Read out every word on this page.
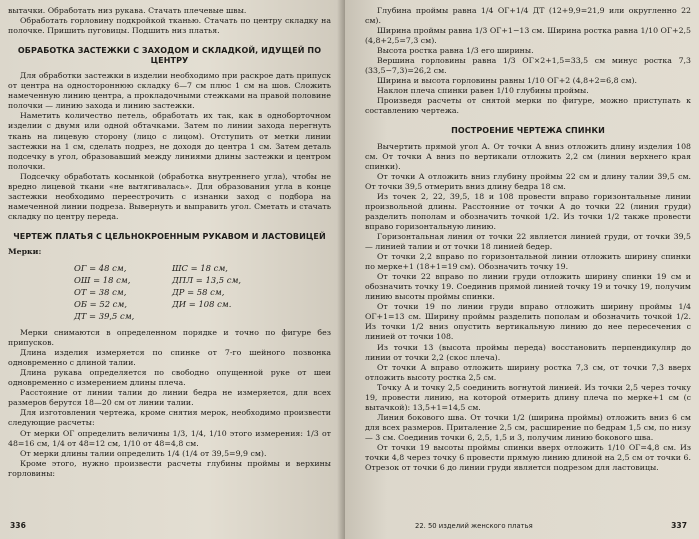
вытачки. Обработать низ рукава. Стачать плечевые швы.

Обработать горловину подкройкой тканью. Стачать по центру складку на полочке. Пришить пуговицы. Подшить низ платья.

ОБРАБОТКА ЗАСТЕЖКИ С ЗАХОДОМ И СКЛАДКОЙ, ИДУЩЕЙ ПО ЦЕНТРУ

Для обработки застежки в изделии необходимо при раскрое дать припуск от центра на одностороннюю складку 6—7 см плюс 1 см на шов. Сложить намеченную линию центра, а прокладочными стежками на правой половине полочки — линию захода и линию застежки.

Наметить количество петель, обработать их так, как в одноборточном изделии с двумя или одной обтачками. Затем по линии захода перегнуть ткань на лицевую сторону (лицо с лицом). Отступить от метки линии застежки на 1 см, сделать подрез, не доходя до центра 1 см. Затем деталь подсечку в угол, образовавший между линиями длины застежки и центром полочки.

Подсечку обработать косынкой (обработка внутреннего угла), чтобы не вредно лицевой ткани «не вытягивалась». Для образования угла в конце застежки необходимо переестрочить с изнанки заход с подбора на намеченной линии подреза. Вывернуть и выправить угол. Сметать и стачать складку по центру переда.

ЧЕРТЕЖ ПЛАТЬЯ С ЦЕЛЬНОКРОЕННЫМ РУКАВОМ И ЛАСТОВИЦЕЙ
Мерки:
ОГ = 48 см,	ШС = 18 см,
ОШ = 18 см,	ДПЛ = 13,5 см,
ОТ = 38 см,	ДР = 58 см,
ОБ = 52 см,	ДИ = 108 см.
ДТ = 39,5 см,

Мерки снимаются в определенном порядке и точно по фигуре без припусков.

Длина изделия измеряется по спинке от 7-го шейного позвонка одновременно с длиной талии.

Длина рукава определяется по свободно опущенной руке от шеи одновременно с измерением длины плеча.

Расстояние от линии талии до линии бедра не измеряется, для всех размеров берутся 18—20 см от линии талии.

Для изготовления чертежа, кроме снятия мерок, необходимо произвести следующие расчеты:

От мерки ОГ определить величины 1/3, 1/4, 1/10 этого измерения: 1/3 от 48=16 см, 1/4 от 48=12 см, 1/10 от 48=4,8 см.

От мерки длины талии определить 1/4 (1/4 от 39,5=9,9 см).

Кроме этого, нужно произвести расчеты глубины проймы и верхины горловины:

336

Глубина проймы равна 1/4 ОГ+1/4 ДТ (12+9,9=21,9 или округленно 22 см).

Ширина проймы равна 1/3 ОГ+1−13 см. Ширина ростка равна 1/10 ОГ+2,5 (4,8+2,5=7,3 см).

Высота ростка равна 1/3 его ширины.

Вершина горловины равна 1/3 ОГ×2+1,5=33,5 см минус ростка 7,3 (33,5−7,3)=26,2 см.

Ширина и высота горловины равны 1/10 ОГ+2 (4,8+2=6,8 см).

Наклон плеча спинки равен 1/10 глубины проймы.

Произведя расчеты от снятой мерки по фигуре, можно приступать к составлению чертежа.

ПОСТРОЕНИЕ ЧЕРТЕЖА СПИНКИ

Вычертить прямой угол А. От точки А вниз отложить длину изделия 108 см. От точки А вниз по вертикали отложить 2,2 см (линия верхнего края спинки).

От точки А отложить вниз глубину проймы 22 см и длину талии 39,5 см. От точки 39,5 отмерить вниз длину бедра 18 см.

Из точек 2, 22, 39,5, 18 и 108 провести вправо горизонтальные линии произвольной длины. Расстояние от точки А до точки 22 (линия груди) разделить пополам и обозначить точкой 1/2. Из точки 1/2 также провести вправо горизонтальную линию.

Горизонтальная линия от точки 22 является линией груди, от точки 39,5 — линией талии и от точки 18 линией бедер.

От точки 2,2 вправо по горизонтальной линии отложить ширину спинки по мерке+1 (18+1=19 см). Обозначить точку 19.

От точки 22 вправо по линии груди отложить ширину спинки 19 см и обозначить точку 19. Соединив прямой линией точку 19 и точку 19, получим линию высоты проймы спинки.

От точки 19 по линии груди вправо отложить ширину проймы 1/4 ОГ+1=13 см. Ширину проймы разделить пополам и обозначить точкой 1/2. Из точки 1/2 вниз опустить вертикальную линию до нее пересечения с линией от точки 108.

Из точки 13 (высота проймы переда) восстановить перпендикуляр до линии от точки 2,2 (скос плеча).

От точки А вправо отложить ширину ростка 7,3 см, от точки 7,3 вверх отложить высоту ростка 2,5 см.

Точку А и точку 2,5 соединить вогнутой линией. Из точки 2,5 через точку 19, провести линию, на которой отмерить длину плеча по мерке+1 см (с вытачкой): 13,5+1=14,5 см.

Линия бокового шва. От точки 1/2 (ширина проймы) отложить вниз 6 см для всех размеров. Приталение 2,5 см, расширение по бедрам 1,5 см, по низу — 3 см. Соединив точки 6, 2,5, 1,5 и 3, получим линию бокового шва.

От точки 19 высоты проймы спинки вверх отложить 1/10 ОГ=4,8 см. Из точки 4,8 через точку 6 провести прямую линию длиной на 2,5 см от точки 6. Отрезок от точки 6 до линии груди является подрезом для ластовицы.

22. 50 изделий женского платья	337
